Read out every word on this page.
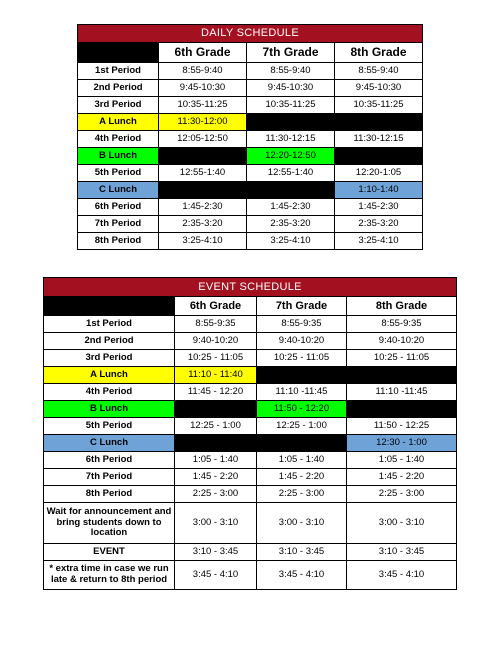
DAILY SCHEDULE			
	6th Grade	7th Grade	8th Grade
1st Period	8:55-9:40	8:55-9:40	8:55-9:40
2nd Period	9:45-10:30	9:45-10:30	9:45-10:30
3rd Period	10:35-11:25	10:35-11:25	10:35-11:25
A Lunch	11:30-12:00		
4th Period	12:05-12:50	11:30-12:15	11:30-12:15
B Lunch		12:20-12:50	
5th Period	12:55-1:40	12:55-1:40	12:20-1:05
C Lunch			1:10-1:40
6th Period	1:45-2:30	1:45-2:30	1:45-2:30
7th Period	2:35-3:20	2:35-3:20	2:35-3:20
8th Period	3:25-4:10	3:25-4:10	3:25-4:10
EVENT SCHEDULE			
	6th Grade	7th Grade	8th Grade
1st Period	8:55-9:35	8:55-9:35	8:55-9:35
2nd Period	9:40-10:20	9:40-10:20	9:40-10:20
3rd Period	10:25 - 11:05	10:25 - 11:05	10:25 - 11:05
A Lunch	11:10 - 11:40		
4th Period	11:45 - 12:20	11:10 -11:45	11:10 -11:45
B Lunch		11:50 - 12:20	
5th Period	12:25 - 1:00	12:25 - 1:00	11:50 - 12:25
C Lunch			12:30 - 1:00
6th Period	1:05 - 1:40	1:05 - 1:40	1:05 - 1:40
7th Period	1:45 - 2:20	1:45 - 2:20	1:45 - 2:20
8th Period	2:25 - 3:00	2:25 - 3:00	2:25 - 3:00
Wait for announcement and bring students down to location	3:00 - 3:10	3:00 - 3:10	3:00 - 3:10
EVENT	3:10 - 3:45	3:10 - 3:45	3:10 - 3:45
* extra time in case we run late & return to 8th period	3:45 - 4:10	3:45 - 4:10	3:45 - 4:10
